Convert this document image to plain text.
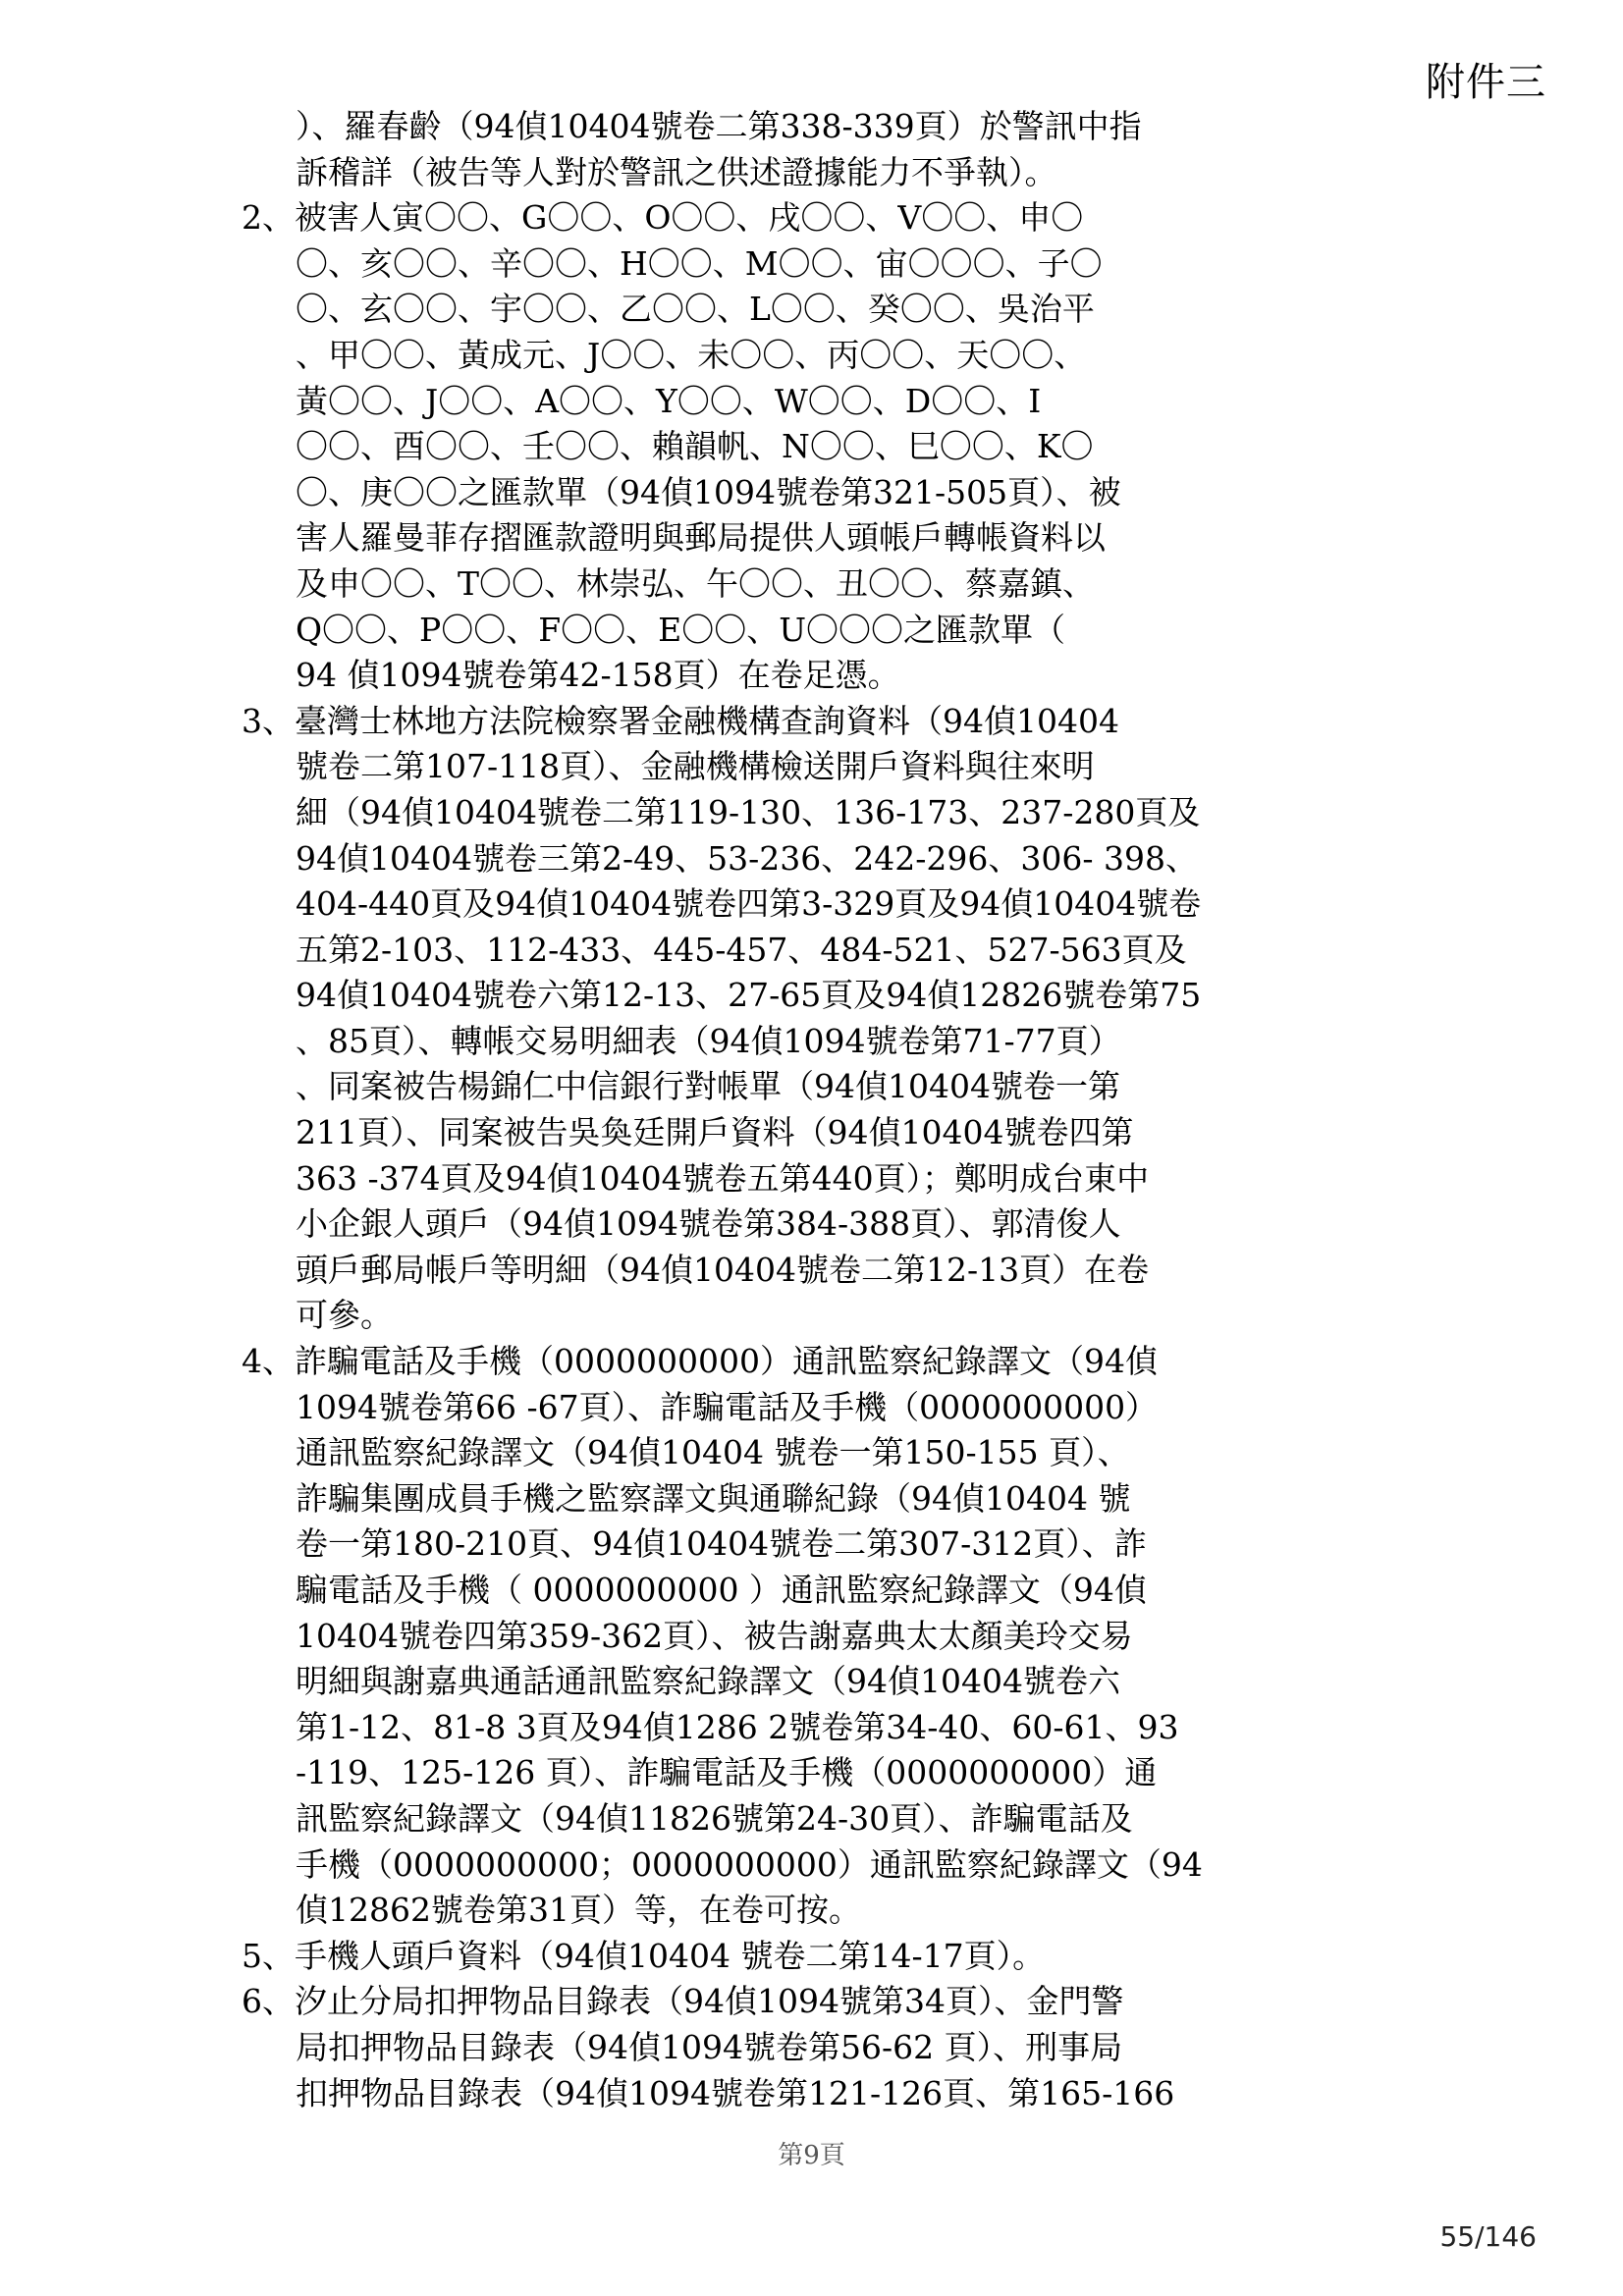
附件三
）、羅春齡（94偵10404號卷二第338-339頁）於警訊中指
訴稽詳（被告等人對於警訊之供述證據能力不爭執）。
2、被害人寅〇〇、G〇〇、O〇〇、戌〇〇、V〇〇、申〇
〇、亥〇〇、辛〇〇、H〇〇、M〇〇、宙〇〇〇、子〇
〇、玄〇〇、宇〇〇、乙〇〇、L〇〇、癸〇〇、吳治平
、甲〇〇、黃成元、J〇〇、未〇〇、丙〇〇、天〇〇、
黃〇〇、J〇〇、A〇〇、Y〇〇、W〇〇、D〇〇、I
〇〇、酉〇〇、壬〇〇、賴韻帆、N〇〇、巳〇〇、K〇
〇、庚〇〇之匯款單（94偵1094號卷第321-505頁）、被
害人羅曼菲存摺匯款證明與郵局提供人頭帳戶轉帳資料以
及申〇〇、T〇〇、林崇弘、午〇〇、丑〇〇、蔡嘉鎮、
Q〇〇、P〇〇、F〇〇、E〇〇、U〇〇〇之匯款單（
94 偵1094號卷第42-158頁）在卷足憑。
3、臺灣士林地方法院檢察署金融機構查詢資料（94偵10404
號卷二第107-118頁）、金融機構檢送開戶資料與往來明
細（94偵10404號卷二第119-130、136-173、237-280頁及
94偵10404號卷三第2-49、53-236、242-296、306- 398、
404-440頁及94偵10404號卷四第3-329頁及94偵10404號卷
五第2-103、112-433、445-457、484-521、527-563頁及
94偵10404號卷六第12-13、27-65頁及94偵12826號卷第75
、85頁）、轉帳交易明細表（94偵1094號卷第71-77頁）
、同案被告楊錦仁中信銀行對帳單（94偵10404號卷一第
211頁）、同案被告吳奐廷開戶資料（94偵10404號卷四第
363 -374頁及94偵10404號卷五第440頁）；鄭明成台東中
小企銀人頭戶（94偵1094號卷第384-388頁）、郭清俊人
頭戶郵局帳戶等明細（94偵10404號卷二第12-13頁）在卷
可參。
4、詐騙電話及手機（0000000000）通訊監察紀錄譯文（94偵
1094號卷第66 -67頁）、詐騙電話及手機（0000000000）
通訊監察紀錄譯文（94偵10404 號卷一第150-155 頁）、
詐騙集團成員手機之監察譯文與通聯紀錄（94偵10404 號
卷一第180-210頁、94偵10404號卷二第307-312頁）、詐
騙電話及手機（ 0000000000 ）通訊監察紀錄譯文（94偵
10404號卷四第359-362頁）、被告謝嘉典太太顏美玲交易
明細與謝嘉典通話通訊監察紀錄譯文（94偵10404號卷六
第1-12、81-8 3頁及94偵1286 2號卷第34-40、60-61、93
-119、125-126 頁）、詐騙電話及手機（0000000000）通
訊監察紀錄譯文（94偵11826號第24-30頁）、詐騙電話及
手機（0000000000；0000000000）通訊監察紀錄譯文（94
偵12862號卷第31頁）等，在卷可按。
5、手機人頭戶資料（94偵10404 號卷二第14-17頁）。
6、汐止分局扣押物品目錄表（94偵1094號第34頁）、金門警
局扣押物品目錄表（94偵1094號卷第56-62 頁）、刑事局
扣押物品目錄表（94偵1094號卷第121-126頁、第165-166
第9頁
55/146
